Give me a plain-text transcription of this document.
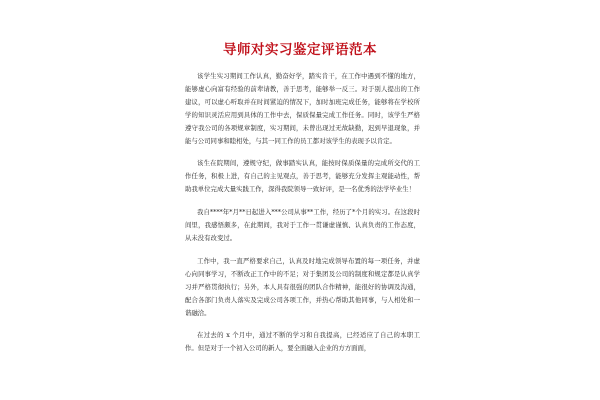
导师对实习鉴定评语范本

该学生实习期间工作认真，勤奋好学，踏实肯干，在工作中遇到不懂的地方，能够虚心向富有经验的前辈请教，善于思考，能够举一反三。对于别人提出的工作建议，可以虚心听取并在时间紧迫的情况下，加时加班完成任务，能够将在学校所学的知识灵活应用到具体的工作中去，保质保量完成工作任务。同时，该学生严格遵守我公司的各项规章制度，实习期间，未曾出现过无故缺勤，迟到早退现象，并能与公司同事和睦相处，与其一同工作的员工都对该学生的表现予以肯定。

该生在院期间，遵规守纪，做事踏实认真，能按时保质保量的完成所交代的工作任务，积极上进，有自己的主见观点，善于思考，能够充分发挥主观能动性，帮助我单位完成大量实践工作，深得我院领导一致好评，是一名优秀的法学毕业生！

我自****年*月**日起进入***公司从事**工作，经历了*个月的实习。在这段时间里，我感悟颇多，在此期间，我对于工作一贯谦虚谨慎、认真负责的工作态度，从未没有改变过。

工作中，我一直严格要求自己，认真及时地完成领导布置的每一项任务，并虚心向同事学习，不断改正工作中的不足；对于集团及公司的制度和规定都是认真学习并严格贯彻执行；另外，本人具有很强的团队合作精神，能很好的协调及沟通，配合各部门负责人落实及完成公司各项工作，并热心帮助其他同事，与人相处和一谐融洽。

在过去的 x 个月中，通过不断的学习和自我提高，已经适应了自己的本职工作。但是对于一个初入公司的新人，要全面融入企业的方方面面，
